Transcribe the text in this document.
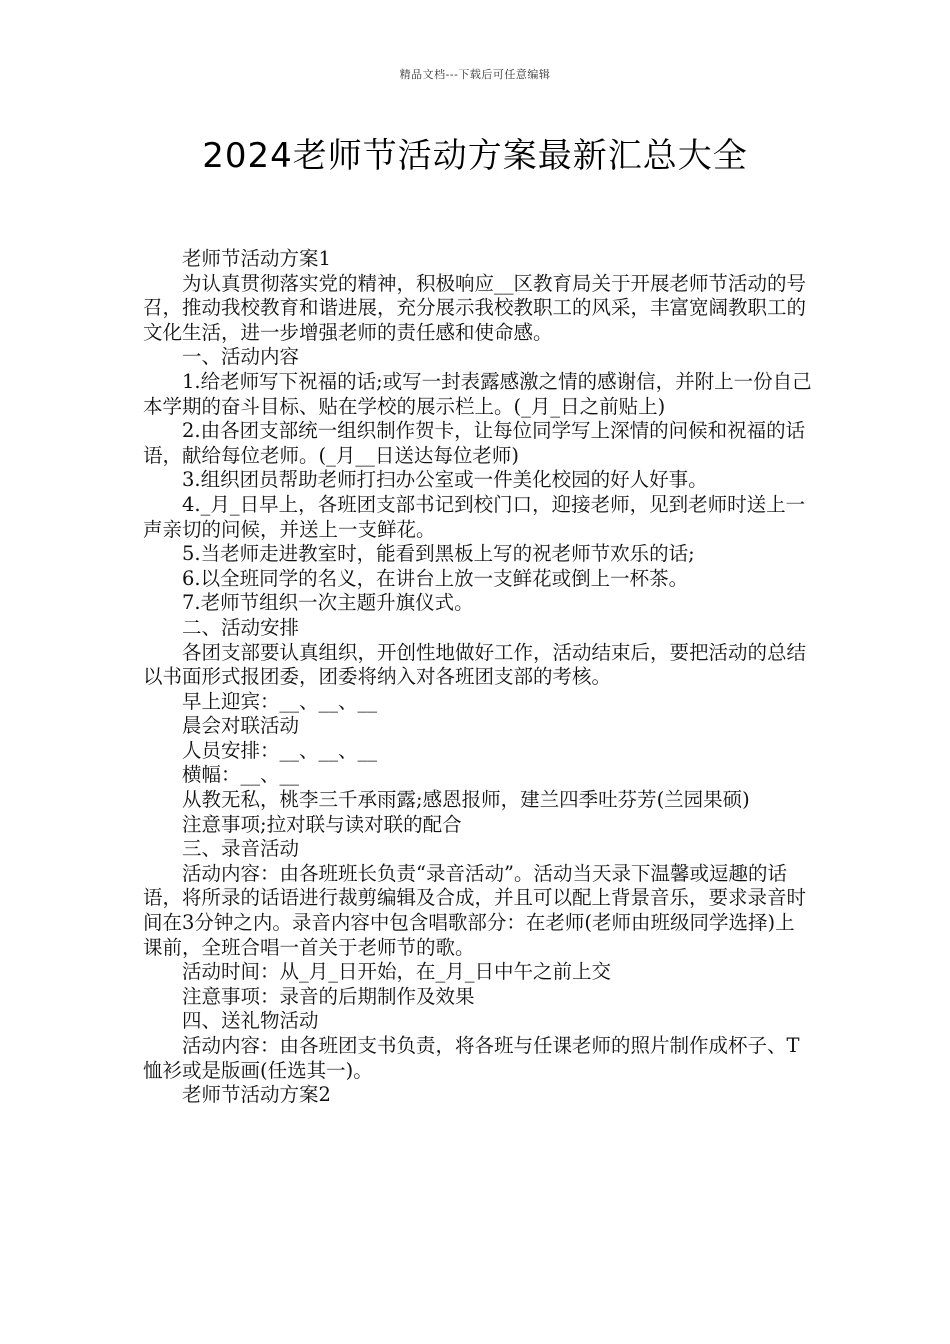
精品文档---下载后可任意编辑
2024老师节活动方案最新汇总大全

老师节活动方案1

为认真贯彻落实党的精神，积极响应__区教育局关于开展老师节活动的号召，推动我校教育和谐进展，充分展示我校教职工的风采，丰富宽阔教职工的文化生活，进一步增强老师的责任感和使命感。

一、活动内容

1.给老师写下祝福的话;或写一封表露感激之情的感谢信，并附上一份自己本学期的奋斗目标、贴在学校的展示栏上。(_月_日之前贴上)

2.由各团支部统一组织制作贺卡，让每位同学写上深情的问候和祝福的话语，献给每位老师。(_月__日送达每位老师)

3.组织团员帮助老师打扫办公室或一件美化校园的好人好事。

4._月_日早上，各班团支部书记到校门口，迎接老师，见到老师时送上一声亲切的问候，并送上一支鲜花。

5.当老师走进教室时，能看到黑板上写的祝老师节欢乐的话;

6.以全班同学的名义，在讲台上放一支鲜花或倒上一杯茶。

7.老师节组织一次主题升旗仪式。

二、活动安排

各团支部要认真组织，开创性地做好工作，活动结束后，要把活动的总结以书面形式报团委，团委将纳入对各班团支部的考核。

早上迎宾：__、__、__

晨会对联活动

人员安排：__、__、__

横幅：__、__

从教无私，桃李三千承雨露;感恩报师，建兰四季吐芬芳(兰园果硕)

注意事项;拉对联与读对联的配合

三、录音活动

活动内容：由各班班长负责“录音活动”。活动当天录下温馨或逗趣的话语，将所录的话语进行裁剪编辑及合成，并且可以配上背景音乐，要求录音时间在3分钟之内。录音内容中包含唱歌部分：在老师(老师由班级同学选择)上课前，全班合唱一首关于老师节的歌。

活动时间：从_月_日开始，在_月_日中午之前上交

注意事项：录音的后期制作及效果

四、送礼物活动

活动内容：由各班团支书负责，将各班与任课老师的照片制作成杯子、T恤衫或是版画(任选其一)。

老师节活动方案2
